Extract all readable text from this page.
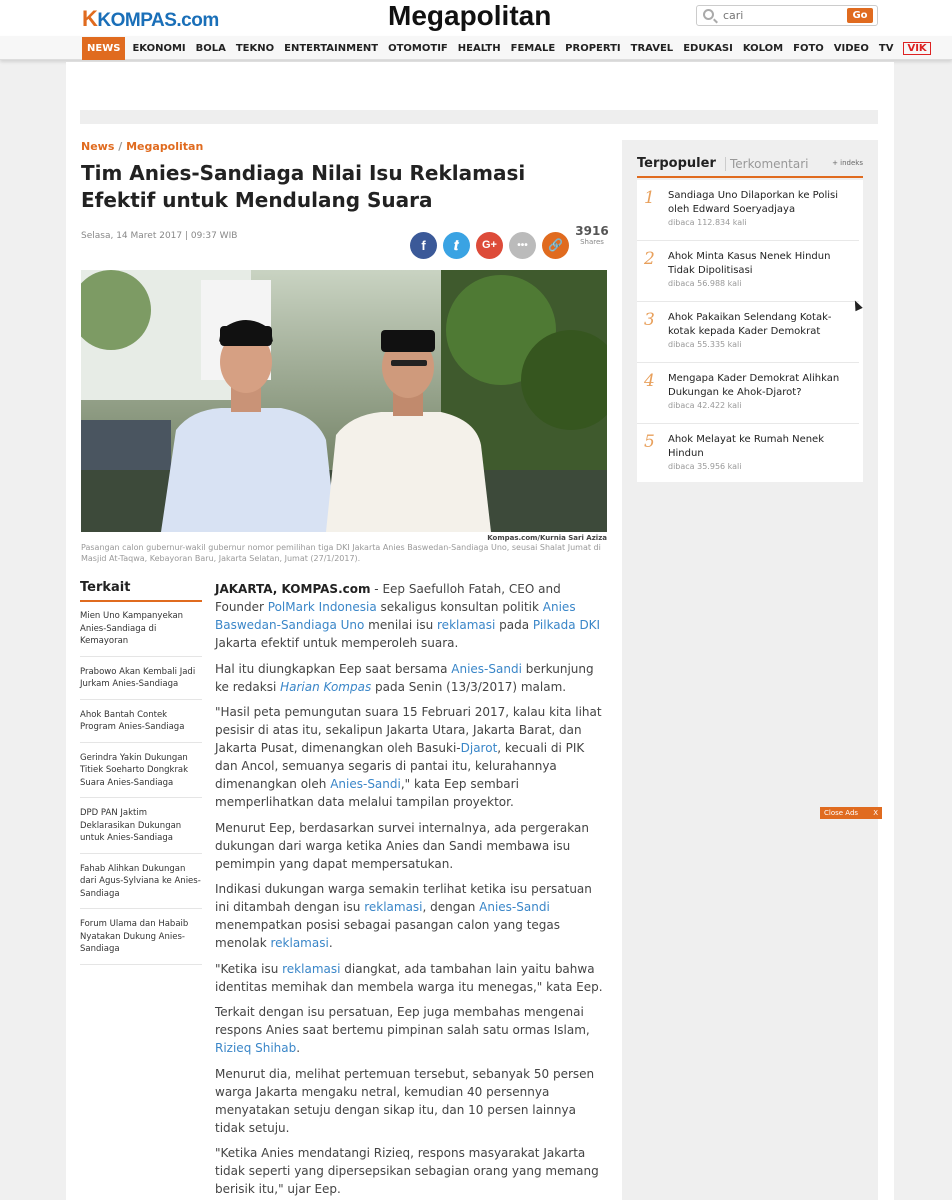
KKOMPAS.com	Megapolitan
cari	Go
NEWS	EKONOMI BOLA TEKNO ENTERTAINMENT OTOMOTIF HEALTH FEMALE PROPERTI TRAVEL EDUKASI KOLOM FOTO VIDEO TV	VIK
News / Megapolitan
Tim Anies-Sandiaga Nilai Isu Reklamasi Efektif untuk Mendulang Suara
Selasa, 14 Maret 2017 | 09:37 WIB
f	𝒕	G+	•••	🔗
3916
Shares
Kompas.com/Kurnia Sari Aziza
Pasangan calon gubernur-wakil gubernur nomor pemilihan tiga DKI Jakarta Anies Baswedan-Sandiaga Uno, seusai Shalat Jumat di Masjid At-Taqwa, Kebayoran Baru, Jakarta Selatan, Jumat (27/1/2017).
Terkait
Mien Uno Kampanyekan Anies-Sandiaga di Kemayoran
Prabowo Akan Kembali Jadi Jurkam Anies-Sandiaga
Ahok Bantah Contek Program Anies-Sandiaga
Gerindra Yakin Dukungan Titiek Soeharto Dongkrak Suara Anies-Sandiaga
DPD PAN Jaktim Deklarasikan Dukungan untuk Anies-Sandiaga
Fahab Alihkan Dukungan dari Agus-Sylviana ke Anies-Sandiaga
Forum Ulama dan Habaib Nyatakan Dukung Anies-Sandiaga

JAKARTA, KOMPAS.com - Eep Saefulloh Fatah, CEO and Founder PolMark Indonesia sekaligus konsultan politik Anies Baswedan-Sandiaga Uno menilai isu reklamasi pada Pilkada DKI Jakarta efektif untuk memperoleh suara.

Hal itu diungkapkan Eep saat bersama Anies-Sandi berkunjung ke redaksi Harian Kompas pada Senin (13/3/2017) malam.

"Hasil peta pemungutan suara 15 Februari 2017, kalau kita lihat pesisir di atas itu, sekalipun Jakarta Utara, Jakarta Barat, dan Jakarta Pusat, dimenangkan oleh Basuki-Djarot, kecuali di PIK dan Ancol, semuanya segaris di pantai itu, kelurahannya dimenangkan oleh Anies-Sandi," kata Eep sembari memperlihatkan data melalui tampilan proyektor.

Menurut Eep, berdasarkan survei internalnya, ada pergerakan dukungan dari warga ketika Anies dan Sandi membawa isu pemimpin yang dapat mempersatukan.

Indikasi dukungan warga semakin terlihat ketika isu persatuan ini ditambah dengan isu reklamasi, dengan Anies-Sandi menempatkan posisi sebagai pasangan calon yang tegas menolak reklamasi.

"Ketika isu reklamasi diangkat, ada tambahan lain yaitu bahwa identitas memihak dan membela warga itu menegas," kata Eep.

Terkait dengan isu persatuan, Eep juga membahas mengenai respons Anies saat bertemu pimpinan salah satu ormas Islam, Rizieq Shihab.

Menurut dia, melihat pertemuan tersebut, sebanyak 50 persen warga Jakarta mengaku netral, kemudian 40 persennya menyatakan setuju dengan sikap itu, dan 10 persen lainnya tidak setuju.

"Ketika Anies mendatangi Rizieq, respons masyarakat Jakarta tidak seperti yang dipersepsikan sebagian orang yang memang berisik itu," ujar Eep.

Terpopuler	Terkomentari	+ indeks
1 Sandiaga Uno Dilaporkan ke Polisi oleh Edward Soeryadjaya
dibaca 112.834 kali
2 Ahok Minta Kasus Nenek Hindun Tidak Dipolitisasi
dibaca 56.988 kali
3 Ahok Pakaikan Selendang Kotak-kotak kepada Kader Demokrat
dibaca 55.335 kali
4 Mengapa Kader Demokrat Alihkan Dukungan ke Ahok-Djarot?
dibaca 42.422 kali
5 Ahok Melayat ke Rumah Nenek Hindun
dibaca 35.956 kali
Close Ads X
